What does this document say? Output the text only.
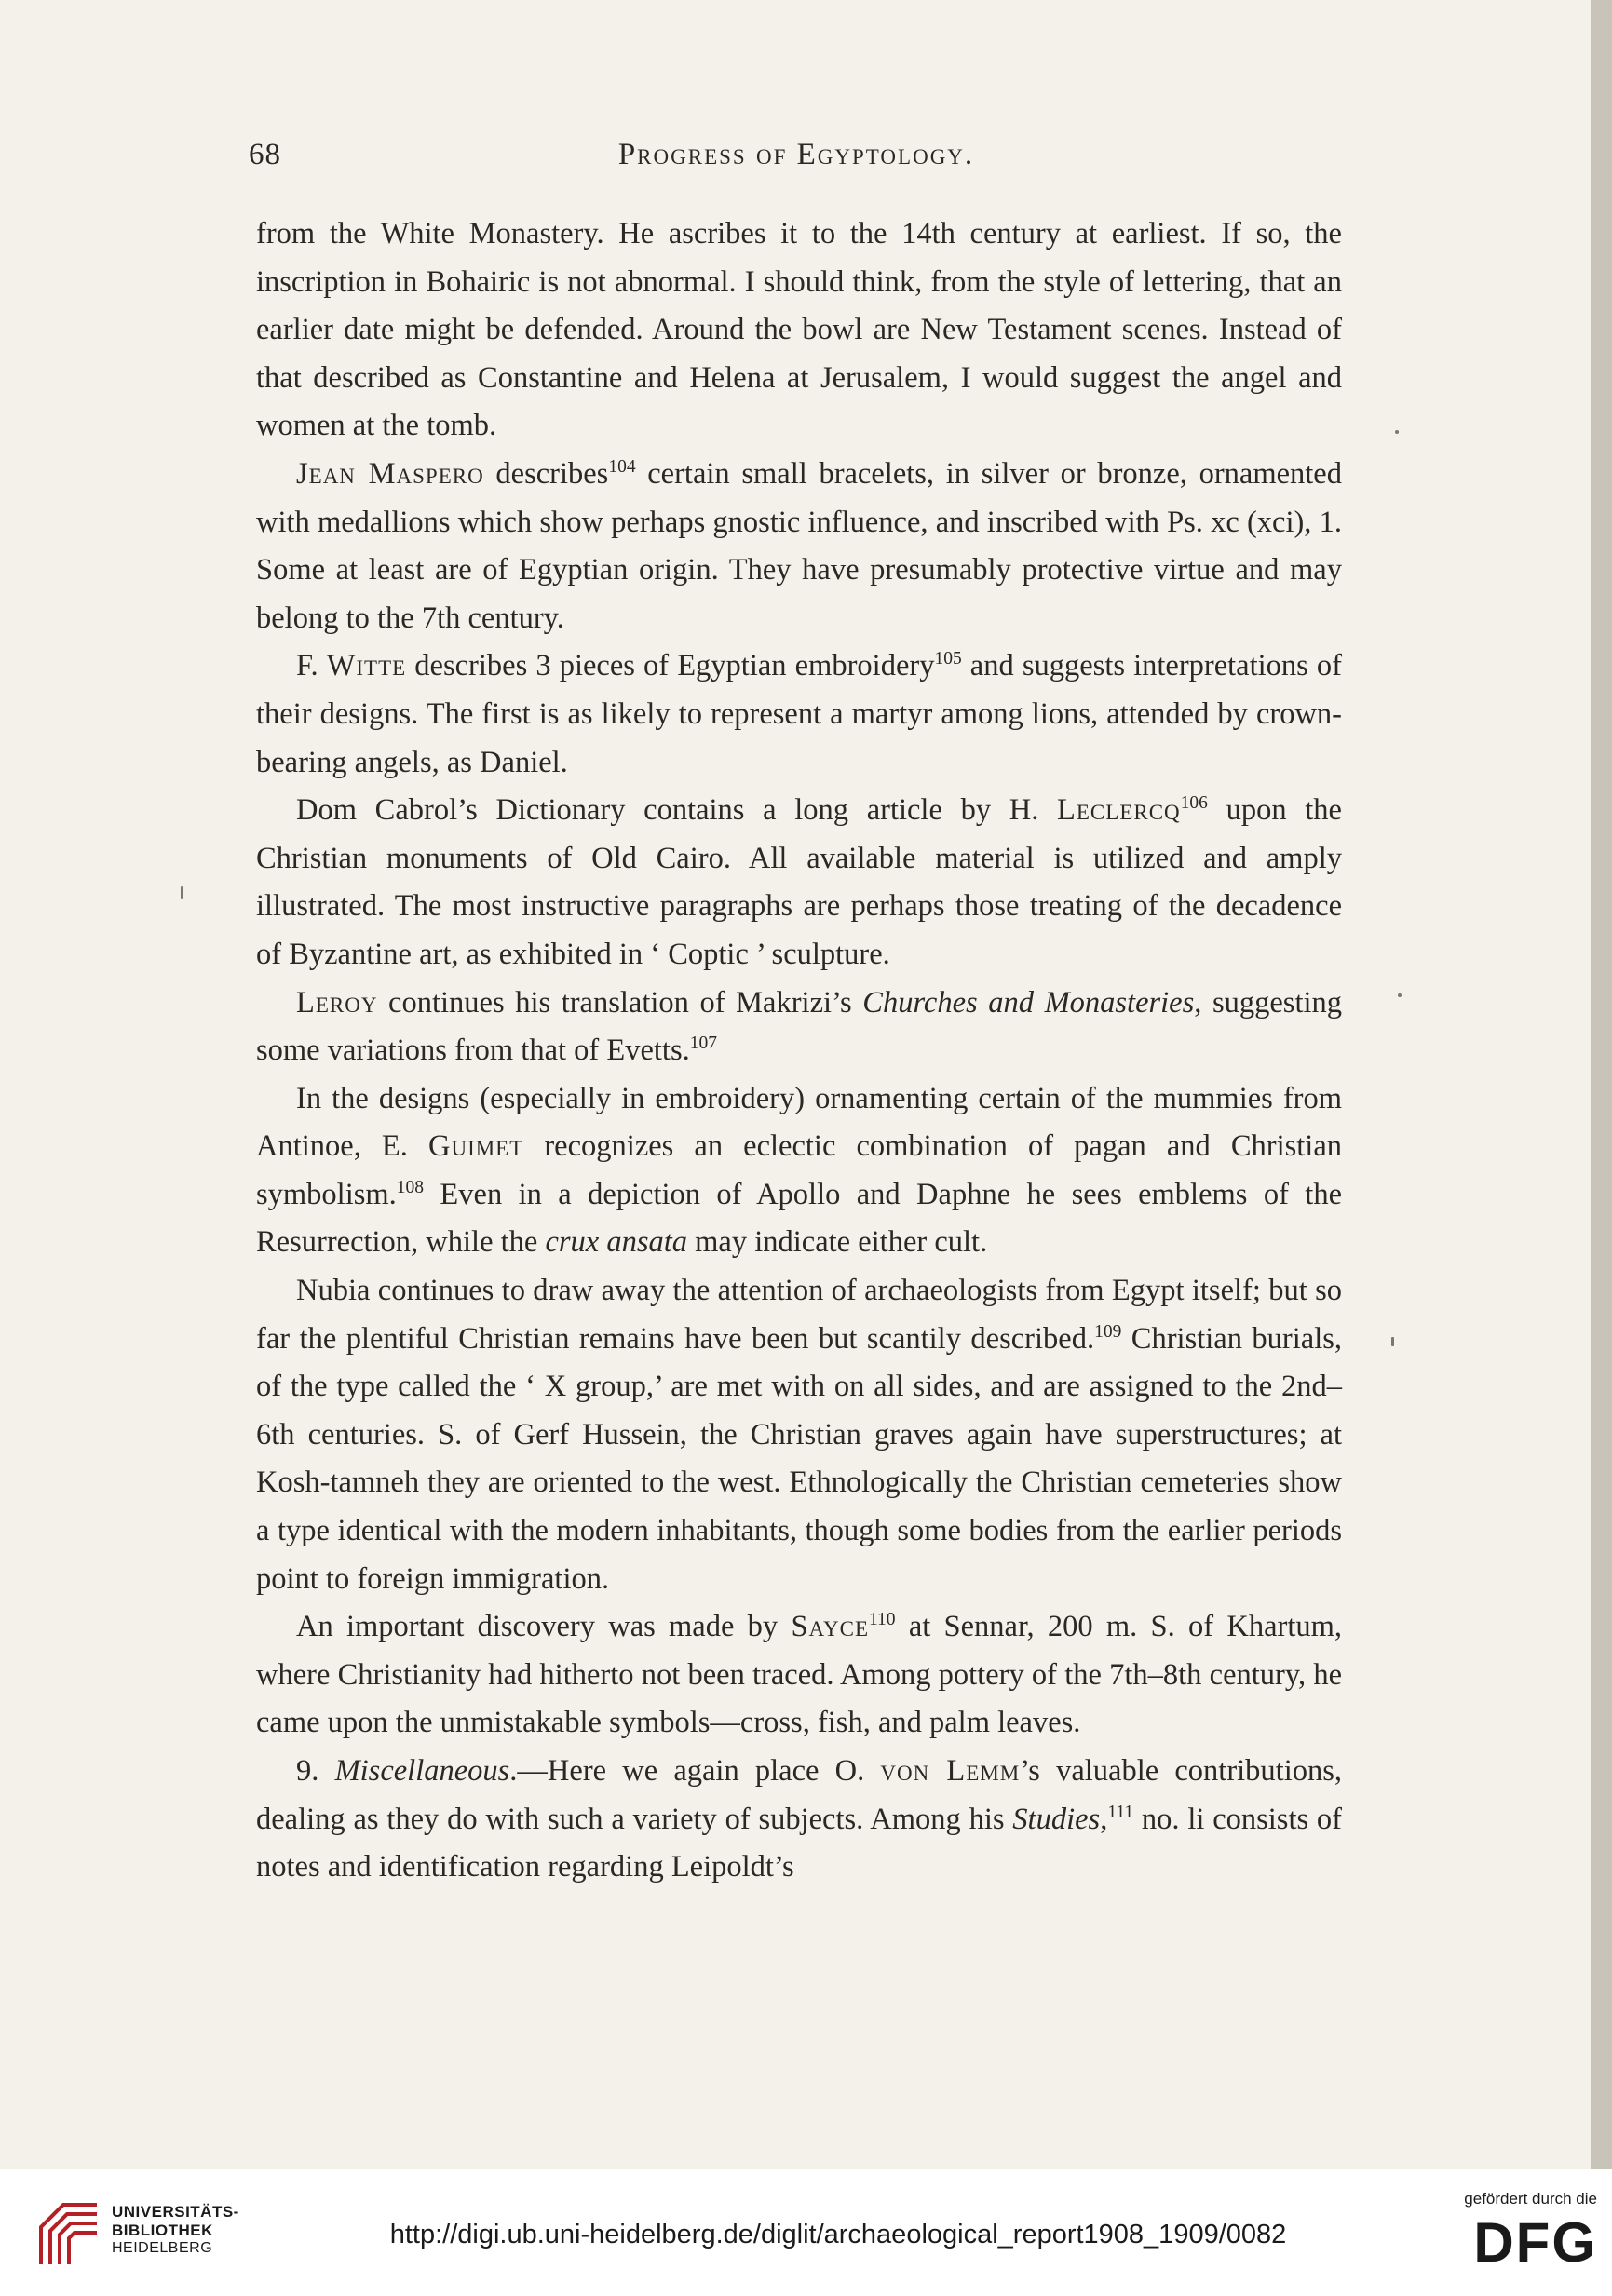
68	Progress of Egyptology.

from the White Monastery. He ascribes it to the 14th century at earliest. If so, the inscription in Bohairic is not abnormal. I should think, from the style of lettering, that an earlier date might be defended. Around the bowl are New Testament scenes. Instead of that described as Constantine and Helena at Jerusalem, I would suggest the angel and women at the tomb.

Jean Maspero describes$^{104}$ certain small bracelets, in silver or bronze, ornamented with medallions which show perhaps gnostic influence, and inscribed with Ps. xc (xci), 1. Some at least are of Egyptian origin. They have presumably protective virtue and may belong to the 7th century.

F. Witte describes 3 pieces of Egyptian embroidery$^{105}$ and suggests interpretations of their designs. The first is as likely to represent a martyr among lions, attended by crown-bearing angels, as Daniel.

Dom Cabrol’s Dictionary contains a long article by H. Leclercq$^{106}$ upon the Christian monuments of Old Cairo. All available material is utilized and amply illustrated. The most instructive paragraphs are perhaps those treating of the decadence of Byzantine art, as exhibited in ‘ Coptic ’ sculpture.

Leroy continues his translation of Makrizi’s Churches and Monasteries, suggesting some variations from that of Evetts.$^{107}$

In the designs (especially in embroidery) ornamenting certain of the mummies from Antinoe, E. Guimet recognizes an eclectic combination of pagan and Christian symbolism.$^{108}$ Even in a depiction of Apollo and Daphne he sees emblems of the Resurrection, while the crux ansata may indicate either cult.

Nubia continues to draw away the attention of archaeologists from Egypt itself; but so far the plentiful Christian remains have been but scantily described.$^{109}$ Christian burials, of the type called the ‘ X group,’ are met with on all sides, and are assigned to the 2nd–6th centuries. S. of Gerf Hussein, the Christian graves again have superstructures; at Kosh-tamneh they are oriented to the west. Ethnologically the Christian cemeteries show a type identical with the modern inhabitants, though some bodies from the earlier periods point to foreign immigration.

An important discovery was made by Sayce$^{110}$ at Sennar, 200 m. S. of Khartum, where Christianity had hitherto not been traced. Among pottery of the 7th–8th century, he came upon the unmistakable symbols—cross, fish, and palm leaves.

9. Miscellaneous.—Here we again place O. von Lemm’s valuable contributions, dealing as they do with such a variety of subjects. Among his Studies,$^{111}$ no. li consists of notes and identification regarding Leipoldt’s

UNIVERSITÄTS-
BIBLIOTHEK
HEIDELBERG	http://digi.ub.uni-heidelberg.de/diglit/archaeological_report1908_1909/0082
gefördert durch die
DFG
